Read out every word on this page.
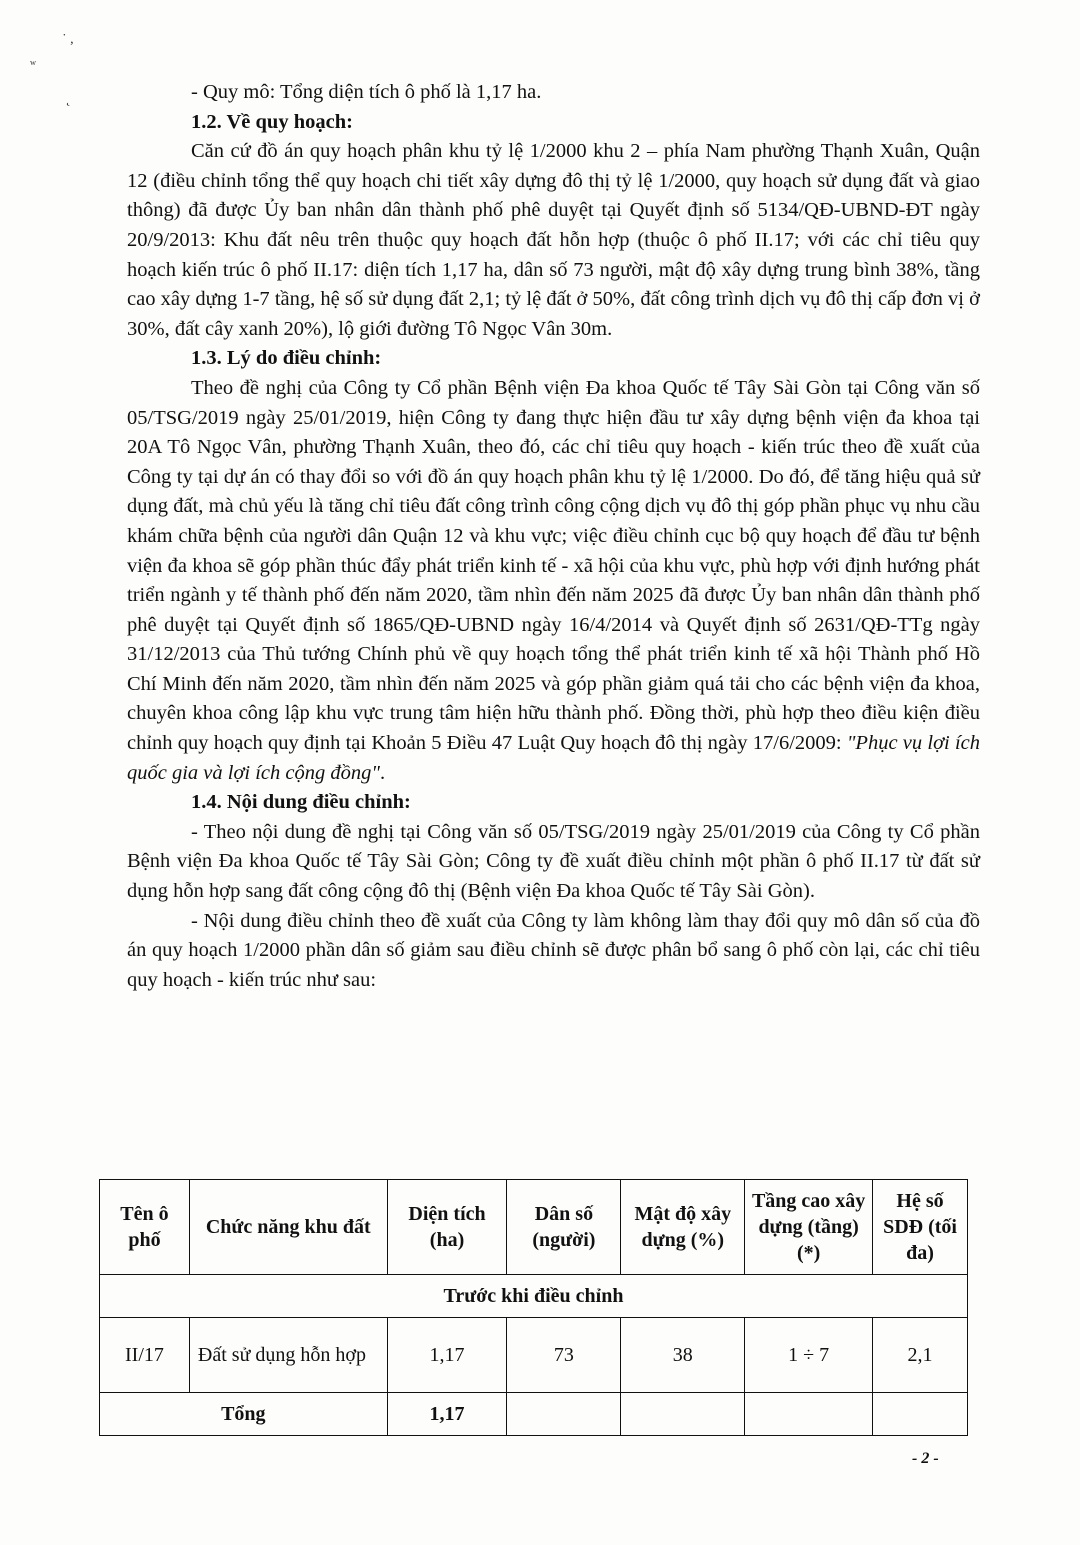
˙ ,
ʷ
˛	- Quy mô: Tổng diện tích ô phố là 1,17 ha.

1.2. Về quy hoạch:

Căn cứ đồ án quy hoạch phân khu tỷ lệ 1/2000 khu 2 – phía Nam phường Thạnh Xuân, Quận 12 (điều chỉnh tổng thể quy hoạch chi tiết xây dựng đô thị tỷ lệ 1/2000, quy hoạch sử dụng đất và giao thông) đã được Ủy ban nhân dân thành phố phê duyệt tại Quyết định số 5134/QĐ-UBND-ĐT ngày 20/9/2013: Khu đất nêu trên thuộc quy hoạch đất hỗn hợp (thuộc ô phố II.17; với các chỉ tiêu quy hoạch kiến trúc ô phố II.17: diện tích 1,17 ha, dân số 73 người, mật độ xây dựng trung bình 38%, tầng cao xây dựng 1-7 tầng, hệ số sử dụng đất 2,1; tỷ lệ đất ở 50%, đất công trình dịch vụ đô thị cấp đơn vị ở 30%, đất cây xanh 20%), lộ giới đường Tô Ngọc Vân 30m.

1.3. Lý do điều chỉnh:

Theo đề nghị của Công ty Cổ phần Bệnh viện Đa khoa Quốc tế Tây Sài Gòn tại Công văn số 05/TSG/2019 ngày 25/01/2019, hiện Công ty đang thực hiện đầu tư xây dựng bệnh viện đa khoa tại 20A Tô Ngọc Vân, phường Thạnh Xuân, theo đó, các chỉ tiêu quy hoạch - kiến trúc theo đề xuất của Công ty tại dự án có thay đổi so với đồ án quy hoạch phân khu tỷ lệ 1/2000. Do đó, để tăng hiệu quả sử dụng đất, mà chủ yếu là tăng chỉ tiêu đất công trình công cộng dịch vụ đô thị góp phần phục vụ nhu cầu khám chữa bệnh của người dân Quận 12 và khu vực; việc điều chỉnh cục bộ quy hoạch để đầu tư bệnh viện đa khoa sẽ góp phần thúc đẩy phát triển kinh tế - xã hội của khu vực, phù hợp với định hướng phát triển ngành y tế thành phố đến năm 2020, tầm nhìn đến năm 2025 đã được Ủy ban nhân dân thành phố phê duyệt tại Quyết định số 1865/QĐ-UBND ngày 16/4/2014 và Quyết định số 2631/QĐ-TTg ngày 31/12/2013 của Thủ tướng Chính phủ về quy hoạch tổng thể phát triển kinh tế xã hội Thành phố Hồ Chí Minh đến năm 2020, tầm nhìn đến năm 2025 và góp phần giảm quá tải cho các bệnh viện đa khoa, chuyên khoa công lập khu vực trung tâm hiện hữu thành phố. Đồng thời, phù hợp theo điều kiện điều chỉnh quy hoạch quy định tại Khoản 5 Điều 47 Luật Quy hoạch đô thị ngày 17/6/2009: "Phục vụ lợi ích quốc gia và lợi ích cộng đồng".

1.4. Nội dung điều chỉnh:

- Theo nội dung đề nghị tại Công văn số 05/TSG/2019 ngày 25/01/2019 của Công ty Cổ phần Bệnh viện Đa khoa Quốc tế Tây Sài Gòn; Công ty đề xuất điều chỉnh một phần ô phố II.17 từ đất sử dụng hỗn hợp sang đất công cộng đô thị (Bệnh viện Đa khoa Quốc tế Tây Sài Gòn).

- Nội dung điều chỉnh theo đề xuất của Công ty làm không làm thay đổi quy mô dân số của đồ án quy hoạch 1/2000 phần dân số giảm sau điều chỉnh sẽ được phân bổ sang ô phố còn lại, các chỉ tiêu quy hoạch - kiến trúc như sau:

Tên ô phố	Chức năng khu đất	Diện tích (ha)	Dân số (người)	Mật độ xây dựng (%)	Tầng cao xây dựng (tầng) (*)	Hệ số SDĐ (tối đa)
Trước khi điều chỉnh						
II/17	Đất sử dụng hỗn hợp	1,17	73	38	1 ÷ 7	2,1
Tổng		1,17				
- 2 -
